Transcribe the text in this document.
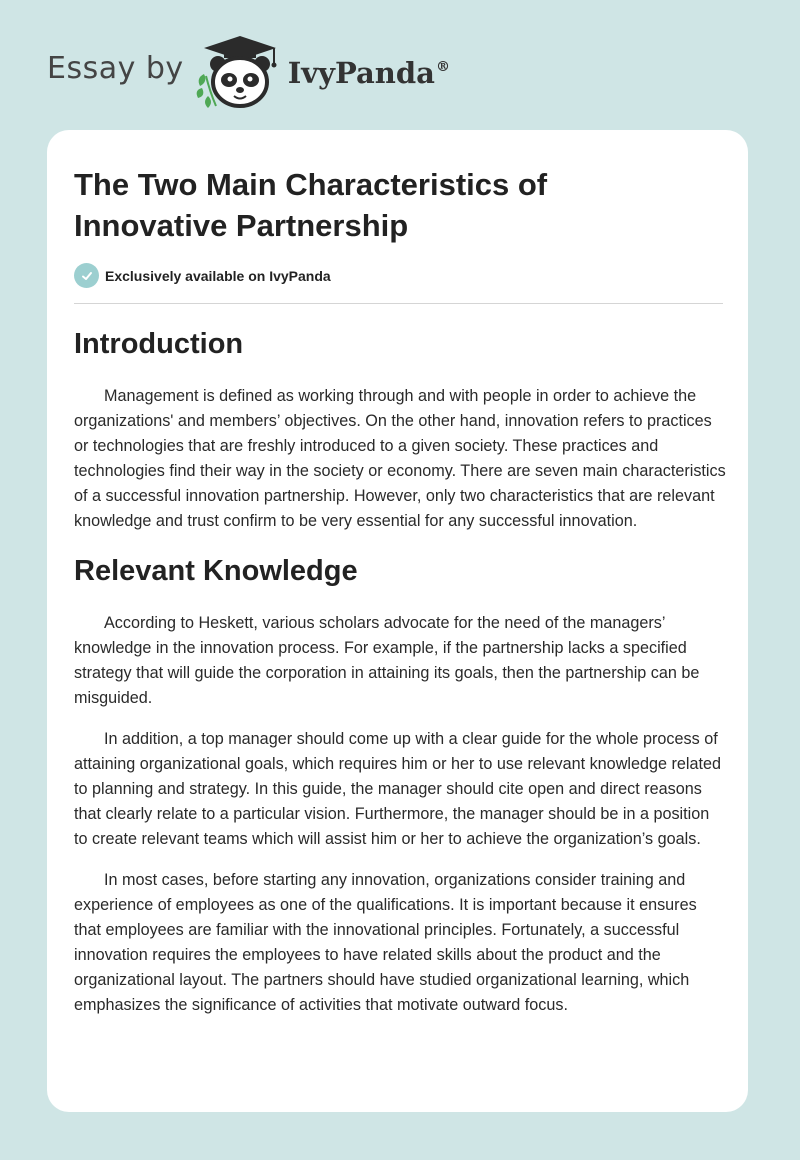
Essay by	IvyPanda®
The Two Main Characteristics of Innovative Partnership
Exclusively available on IvyPanda
Introduction

Management is defined as working through and with people in order to achieve the organizations' and members’ objectives. On the other hand, innovation refers to practices or technologies that are freshly introduced to a given society. These practices and technologies find their way in the society or economy. There are seven main characteristics of a successful innovation partnership. However, only two characteristics that are relevant knowledge and trust confirm to be very essential for any successful innovation.

Relevant Knowledge

According to Heskett, various scholars advocate for the need of the managers’ knowledge in the innovation process. For example, if the partnership lacks a specified strategy that will guide the corporation in attaining its goals, then the partnership can be misguided.

In addition, a top manager should come up with a clear guide for the whole process of attaining organizational goals, which requires him or her to use relevant knowledge related to planning and strategy. In this guide, the manager should cite open and direct reasons that clearly relate to a particular vision. Furthermore, the manager should be in a position to create relevant teams which will assist him or her to achieve the organization’s goals.

In most cases, before starting any innovation, organizations consider training and experience of employees as one of the qualifications. It is important because it ensures that employees are familiar with the innovational principles. Fortunately, a successful innovation requires the employees to have related skills about the product and the organizational layout. The partners should have studied organizational learning, which emphasizes the significance of activities that motivate outward focus.
